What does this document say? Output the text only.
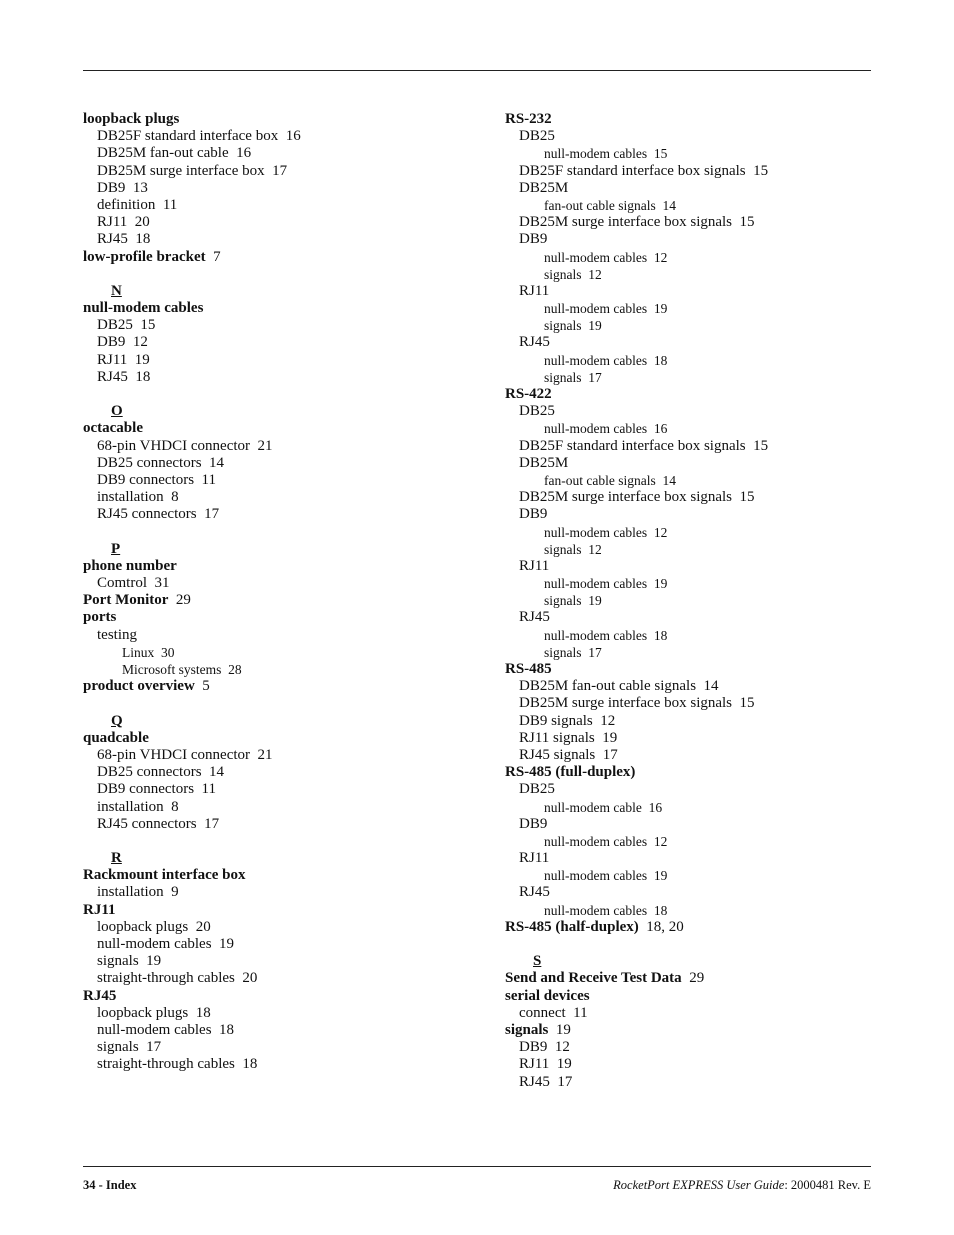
loopback plugs
DB25F standard interface box  16
DB25M fan-out cable  16
DB25M surge interface box  17
DB9  13
definition  11
RJ11  20
RJ45  18
low-profile bracket  7
N
null-modem cables
DB25  15
DB9  12
RJ11  19
RJ45  18
O
octacable
68-pin VHDCI connector  21
DB25 connectors  14
DB9 connectors  11
installation  8
RJ45 connectors  17
P
phone number
Comtrol  31
Port Monitor  29
ports
testing
Linux  30
Microsoft systems  28
product overview  5
Q
quadcable
68-pin VHDCI connector  21
DB25 connectors  14
DB9 connectors  11
installation  8
RJ45 connectors  17
R
Rackmount interface box
installation  9
RJ11
loopback plugs  20
null-modem cables  19
signals  19
straight-through cables  20
RJ45
loopback plugs  18
null-modem cables  18
signals  17
straight-through cables  18
RS-232
DB25
null-modem cables  15
DB25F standard interface box signals  15
DB25M
fan-out cable signals  14
DB25M surge interface box signals  15
DB9
null-modem cables  12
signals  12
RJ11
null-modem cables  19
signals  19
RJ45
null-modem cables  18
signals  17
RS-422
DB25
null-modem cables  16
DB25F standard interface box signals  15
DB25M
fan-out cable signals  14
DB25M surge interface box signals  15
DB9
null-modem cables  12
signals  12
RJ11
null-modem cables  19
signals  19
RJ45
null-modem cables  18
signals  17
RS-485
DB25M fan-out cable signals  14
DB25M surge interface box signals  15
DB9 signals  12
RJ11 signals  19
RJ45 signals  17
RS-485 (full-duplex)
DB25
null-modem cable  16
DB9
null-modem cables  12
RJ11
null-modem cables  19
RJ45
null-modem cables  18
RS-485 (half-duplex)  18, 20
S
Send and Receive Test Data  29
serial devices
connect  11
signals  19
DB9  12
RJ11  19
RJ45  17
34 - Index	RocketPort EXPRESS User Guide: 2000481 Rev. E
